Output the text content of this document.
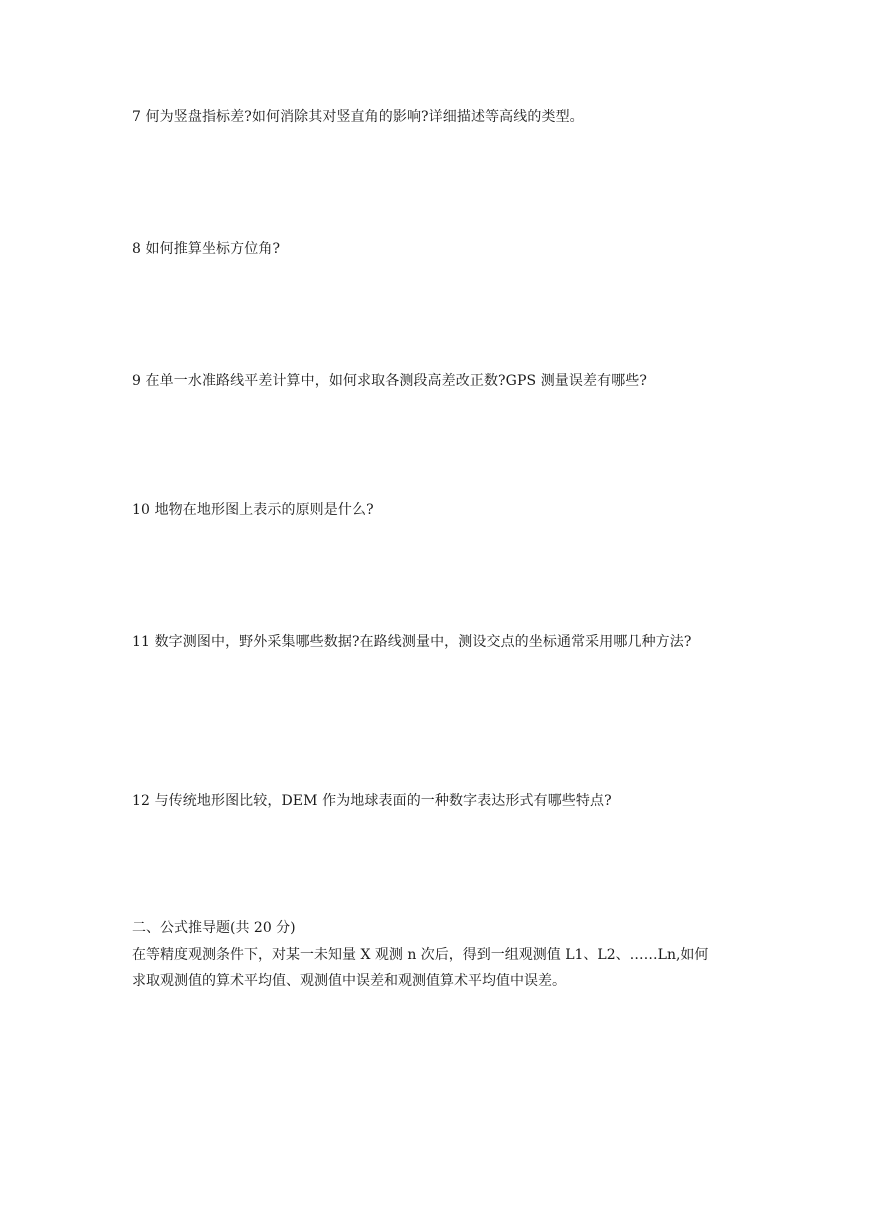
7 何为竖盘指标差?如何消除其对竖直角的影响?详细描述等高线的类型。

8 如何推算坐标方位角?

9 在单一水准路线平差计算中，如何求取各测段高差改正数?GPS 测量误差有哪些?

10 地物在地形图上表示的原则是什么?

11 数字测图中，野外采集哪些数据?在路线测量中，测设交点的坐标通常采用哪几种方法?

12 与传统地形图比较，DEM 作为地球表面的一种数字表达形式有哪些特点?

二、公式推导题(共 20 分)

在等精度观测条件下，对某一未知量 X 观测 n 次后，得到一组观测值 L1、L2、……Ln,如何
求取观测值的算术平均值、观测值中误差和观测值算术平均值中误差。
